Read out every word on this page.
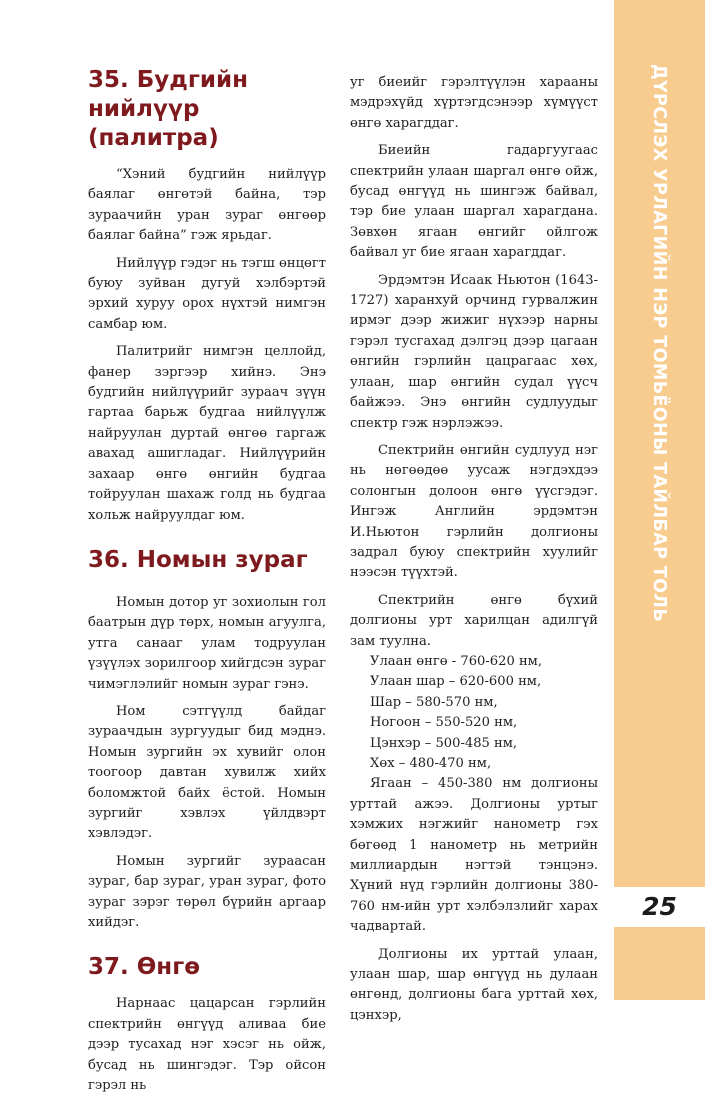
ДҮРСЛЭХ УРЛАГИЙН НЭР ТОМЬЁОНЫ ТАЙЛБАР ТОЛЬ
25
35. Будгийн нийлүүр (палитра)

“Хэний будгийн нийлүүр баялаг өнгөтэй байна, тэр зураачийн уран зураг өнгөөр баялаг байна” гэж ярьдаг.

Нийлүүр гэдэг нь тэгш өнцөгт буюу зуйван дугуй хэлбэртэй эрхий хуруу орох нүхтэй нимгэн самбар юм.

Палитрийг нимгэн целлойд, фанер зэргээр хийнэ. Энэ будгийн нийлүүрийг зураач зүүн гартаа барьж будгаа нийлүүлж найруулан дуртай өнгөө гаргаж авахад ашигладаг. Нийлүүрийн захаар өнгө өнгийн будгаа тойруулан шахаж голд нь будгаа хольж найруулдаг юм.

36. Номын зураг

Номын дотор уг зохиолын гол баатрын дүр төрх, номын агуулга, утга санааг улам тодруулан үзүүлэх зорилгоор хийгдсэн зураг чимэглэлийг номын зураг гэнэ.

Ном сэтгүүлд байдаг зураачдын зургуудыг бид мэднэ. Номын зургийн эх хувийг олон тоогоор давтан хувилж хийх боломжтой байх ёстой. Номын зургийг хэвлэх үйлдвэрт хэвлэдэг.

Номын зургийг зураасан зураг, бар зураг, уран зураг, фото зураг зэрэг төрөл бүрийн аргаар хийдэг.

37. Өнгө

Нарнаас цацарсан гэрлийн спектрийн өнгүүд аливаа бие дээр тусахад нэг хэсэг нь ойж, бусад нь шингэдэг. Тэр ойсон гэрэл нь

уг биеийг гэрэлтүүлэн харааны мэдрэхүйд хүртэгдсэнээр хүмүүст өнгө харагддаг.

Биеийн гадаргуугаас спектрийн улаан шаргал өнгө ойж, бусад өнгүүд нь шингэж байвал, тэр бие улаан шаргал харагдана. Зөвхөн ягаан өнгийг ойлгож байвал уг бие ягаан харагддаг.

Эрдэмтэн Исаак Ньютон (1643-1727) харанхуй орчинд гурвалжин ирмэг дээр жижиг нүхээр нарны гэрэл тусгахад дэлгэц дээр цагаан өнгийн гэрлийн цацрагаас хөх, улаан, шар өнгийн судал үүсч байжээ. Энэ өнгийн судлуудыг спектр гэж нэрлэжээ.

Спектрийн өнгийн судлууд нэг нь нөгөөдөө уусаж нэгдэхдээ солонгын долоон өнгө үүсгэдэг. Ингэж Английн эрдэмтэн И.Ньютон гэрлийн долгионы задрал буюу спектрийн хуулийг нээсэн түүхтэй.

Спектрийн өнгө бүхий долгионы урт харилцан адилгүй зам туулна.

Улаан өнгө - 760-620 нм,

Улаан шар – 620-600 нм,

Шар – 580-570 нм,

Ногоон – 550-520 нм,

Цэнхэр – 500-485 нм,

Хөх – 480-470 нм,

Ягаан – 450-380 нм долгионы урттай ажээ. Долгионы уртыг хэмжих нэгжийг нанометр гэх бөгөөд 1 нанометр нь метрийн миллиардын нэгтэй тэнцэнэ. Хүний нүд гэрлийн долгионы 380-760 нм-ийн урт хэлбэлзлийг харах чадвартай.

Долгионы их урттай улаан, улаан шар, шар өнгүүд нь дулаан өнгөнд, долгионы бага урттай хөх, цэнхэр,
